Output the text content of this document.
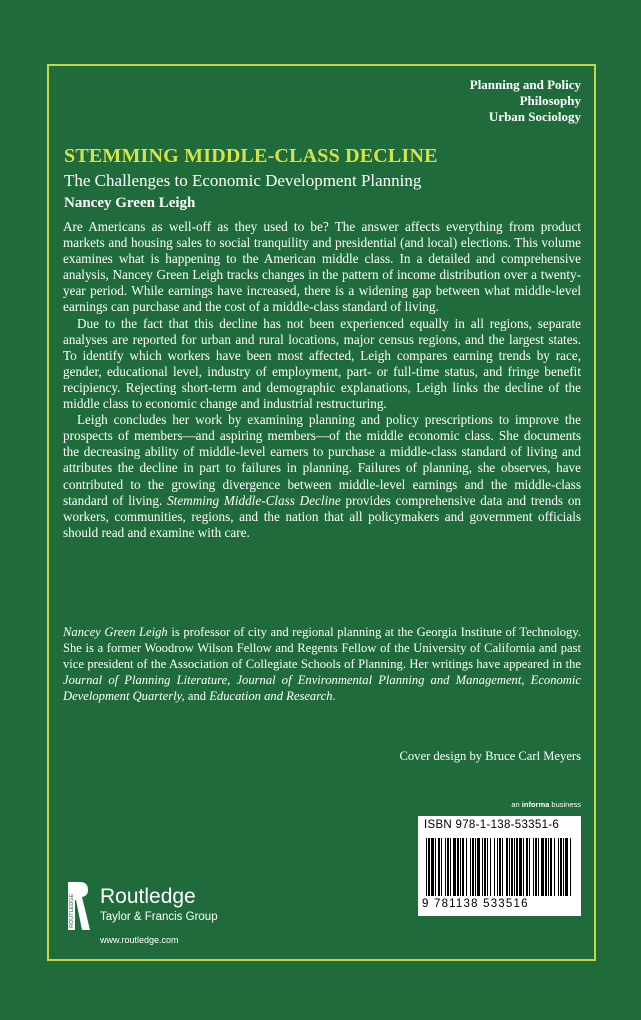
Planning and Policy
Philosophy
Urban Sociology
STEMMING MIDDLE-CLASS DECLINE
The Challenges to Economic Development Planning
Nancey Green Leigh

Are Americans as well-off as they used to be? The answer affects everything from product markets and housing sales to social tranquility and presidential (and local) elections. This volume examines what is happening to the American middle class. In a detailed and comprehensive analysis, Nancey Green Leigh tracks changes in the pattern of income distribution over a twenty-year period. While earnings have increased, there is a widening gap between what middle-level earnings can purchase and the cost of a middle-class standard of living.

Due to the fact that this decline has not been experienced equally in all regions, separate analyses are reported for urban and rural locations, major census regions, and the largest states. To identify which workers have been most affected, Leigh compares earning trends by race, gender, educational level, industry of employment, part- or full-time status, and fringe benefit recipiency. Rejecting short-term and demographic explanations, Leigh links the decline of the middle class to economic change and industrial restructuring.

Leigh concludes her work by examining planning and policy prescriptions to improve the prospects of members—and aspiring members—of the middle economic class. She documents the decreasing ability of middle-level earners to purchase a middle-class standard of living and attributes the decline in part to failures in planning. Failures of planning, she observes, have contributed to the growing divergence between middle-level earnings and the middle-class standard of living. Stemming Middle-Class Decline provides comprehensive data and trends on workers, communities, regions, and the nation that all policymakers and government officials should read and examine with care.

Nancey Green Leigh is professor of city and regional planning at the Georgia Institute of Technology. She is a former Woodrow Wilson Fellow and Regents Fellow of the University of California and past vice president of the Association of Collegiate Schools of Planning. Her writings have appeared in the Journal of Planning Literature, Journal of Environmental Planning and Management, Economic Development Quarterly, and Education and Research.

Cover design by Bruce Carl Meyers
an informa business
ISBN 978-1-138-53351-6
9 781138 533516
ROUTLEDGE Routledge
Taylor & Francis Group
www.routledge.com
